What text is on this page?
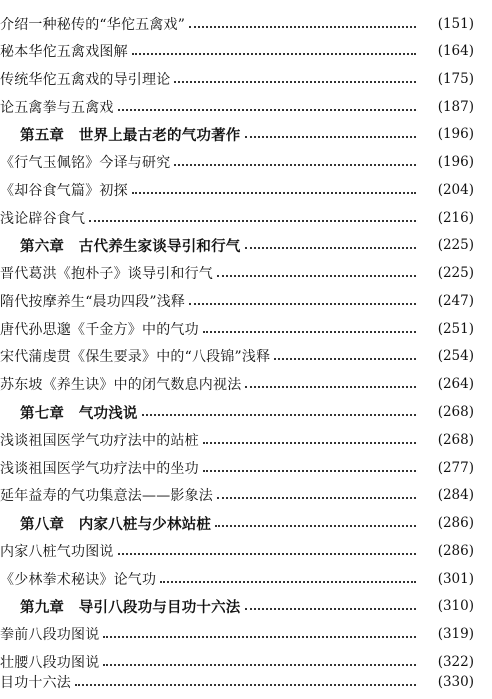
介绍一种秘传的“华佗五禽戏”	(151)
秘本华佗五禽戏图解	(164)
传统华佗五禽戏的导引理论	(175)
论五禽拳与五禽戏	(187)
第五章　世界上最古老的气功著作	(196)
《行气玉佩铭》今译与研究	(196)
《却谷食气篇》初探	(204)
浅论辟谷食气	(216)
第六章　古代养生家谈导引和行气	(225)
晋代葛洪《抱朴子》谈导引和行气	(225)
隋代按摩养生“晨功四段”浅释	(247)
唐代孙思邈《千金方》中的气功	(251)
宋代蒲虔贯《保生要录》中的“八段锦”浅释	(254)
苏东坡《养生诀》中的闭气数息内视法	(264)
第七章　气功浅说	(268)
浅谈祖国医学气功疗法中的站桩	(268)
浅谈祖国医学气功疗法中的坐功	(277)
延年益寿的气功集意法——影象法	(284)
第八章　内家八桩与少林站桩	(286)
内家八桩气功图说	(286)
《少林拳术秘诀》论气功	(301)
第九章　导引八段功与目功十六法	(310)
拳前八段功图说	(319)
壮腰八段功图说	(322)
目功十六法	(330)
